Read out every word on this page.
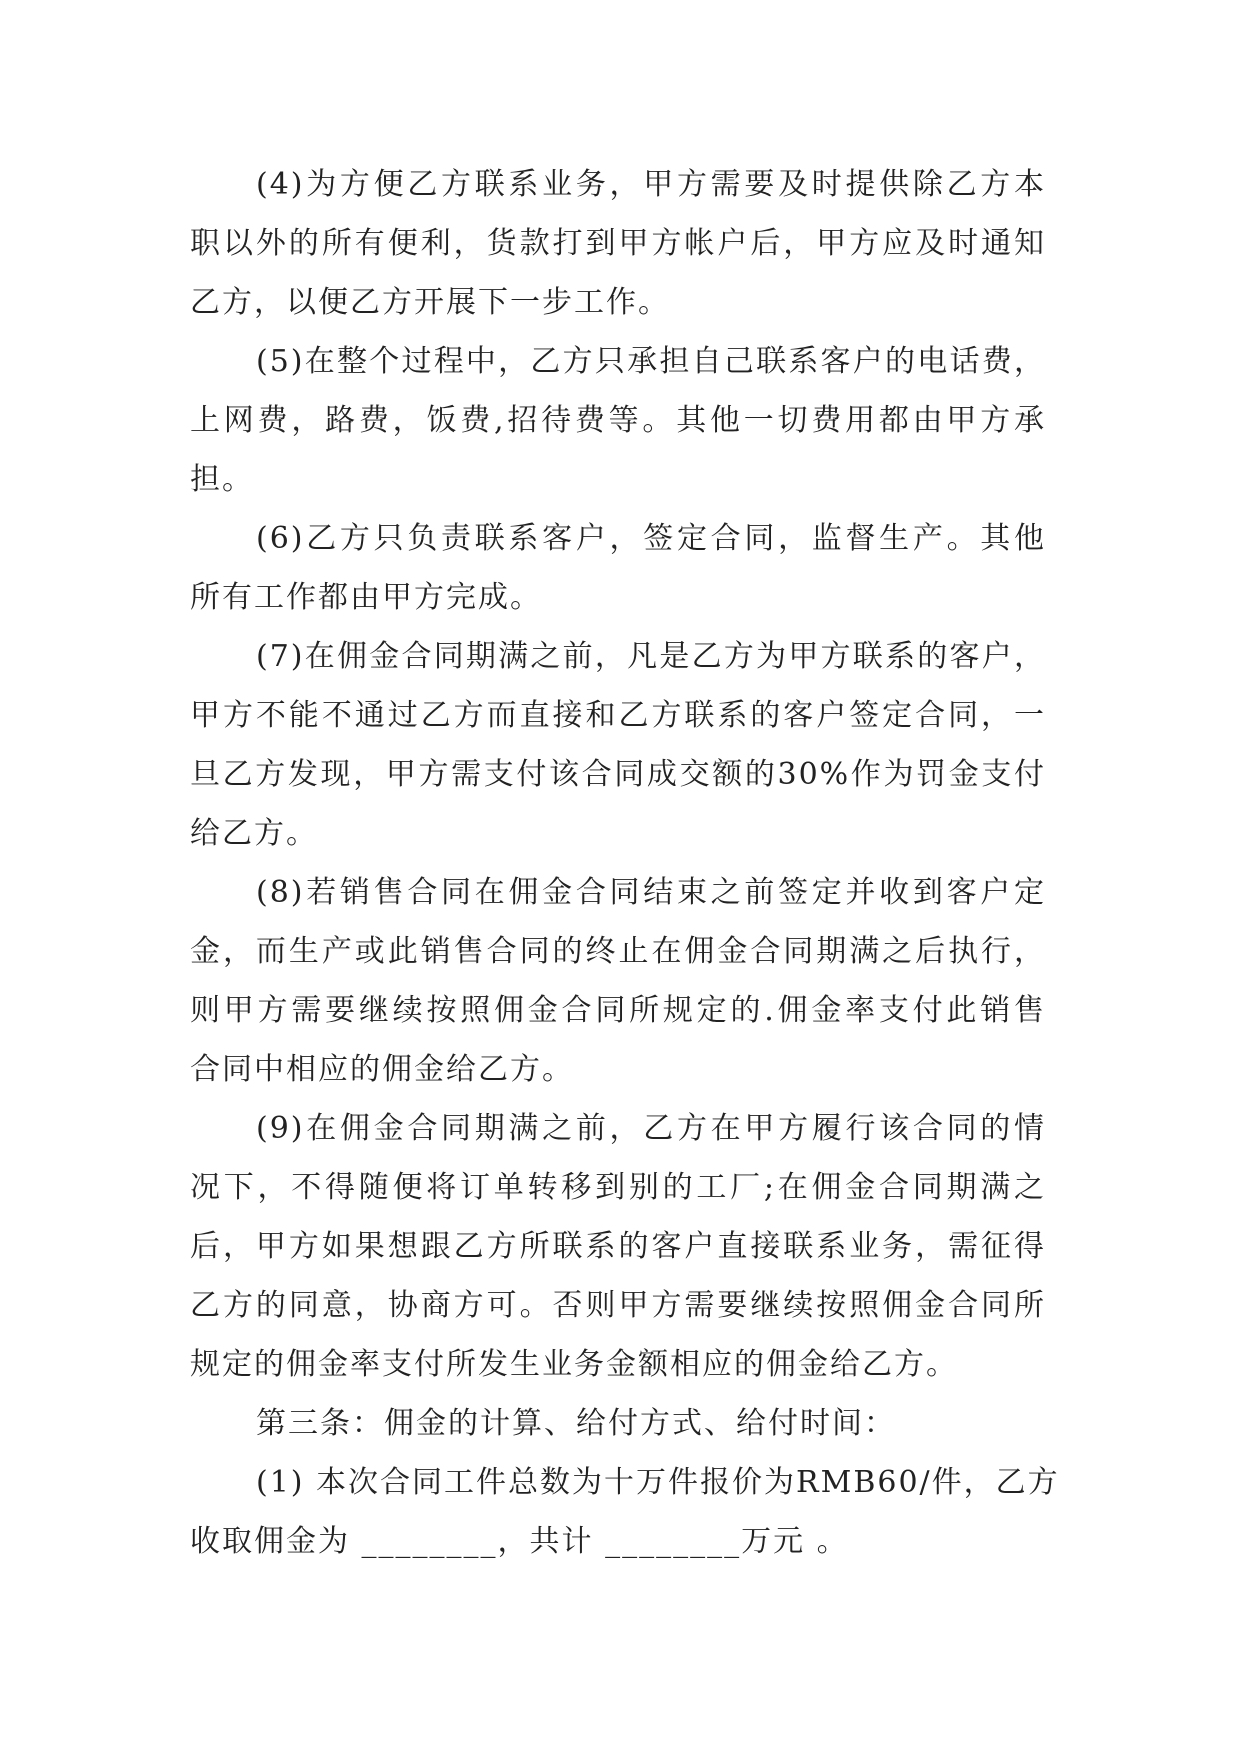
(4)为方便乙方联系业务，甲方需要及时提供除乙方本
职以外的所有便利，货款打到甲方帐户后，甲方应及时通知
乙方，以便乙方开展下一步工作。
(5)在整个过程中，乙方只承担自己联系客户的电话费，
上网费，路费，饭费,招待费等。其他一切费用都由甲方承
担。
(6)乙方只负责联系客户，签定合同，监督生产。其他
所有工作都由甲方完成。
(7)在佣金合同期满之前，凡是乙方为甲方联系的客户，
甲方不能不通过乙方而直接和乙方联系的客户签定合同，一
旦乙方发现，甲方需支付该合同成交额的30%作为罚金支付
给乙方。
(8)若销售合同在佣金合同结束之前签定并收到客户定
金，而生产或此销售合同的终止在佣金合同期满之后执行，
则甲方需要继续按照佣金合同所规定的.佣金率支付此销售
合同中相应的佣金给乙方。
(9)在佣金合同期满之前，乙方在甲方履行该合同的情
况下，不得随便将订单转移到别的工厂;在佣金合同期满之
后，甲方如果想跟乙方所联系的客户直接联系业务，需征得
乙方的同意，协商方可。否则甲方需要继续按照佣金合同所
规定的佣金率支付所发生业务金额相应的佣金给乙方。
第三条：佣金的计算、给付方式、给付时间：
(1) 本次合同工件总数为十万件报价为RMB60/件，乙方
收取佣金为 ________，共计 ________万元 。
